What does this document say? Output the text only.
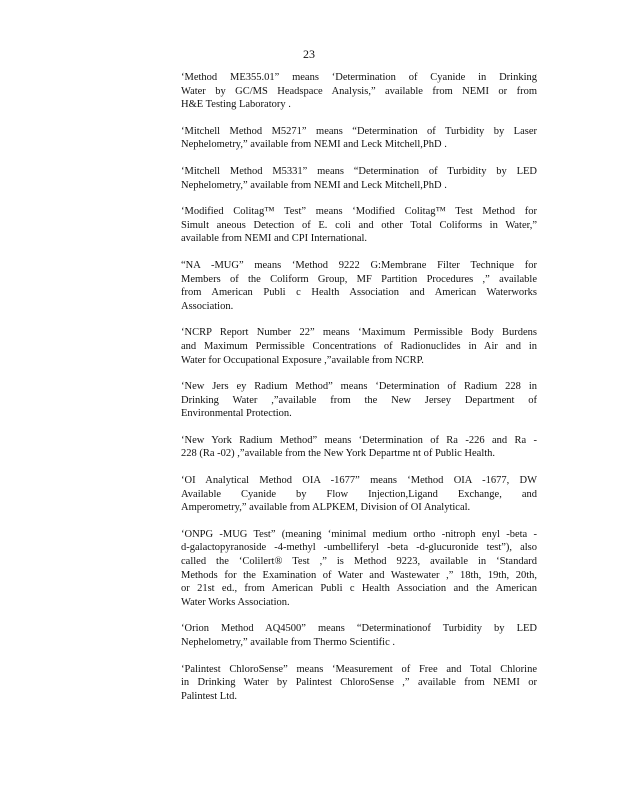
23
‘Method ME355.01” means ‘Determination of Cyanide in Drinking
Water by GC/MS Headspace Analysis,” available from NEMI or from
H&E Testing Laboratory .
‘Mitchell Method M5271” means “Determination of Turbidity by Laser
Nephelometry,” available from NEMI and Leck Mitchell,PhD .
‘Mitchell Method M5331” means “Determination of Turbidity by LED
Nephelometry,” available from NEMI and Leck Mitchell,PhD .
‘Modified Colitag™ Test” means ‘Modified Colitag™ Test Method for
Simult aneous Detection of E. coli and other Total Coliforms in Water,”
available from NEMI and CPI International.
“NA -MUG” means ‘Method 9222 G:Membrane Filter Technique for
Members of the Coliform Group, MF Partition Procedures ,” available
from American Publi c Health Association and American Waterworks
Association.
‘NCRP Report Number 22” means ‘Maximum Permissible Body Burdens
and Maximum Permissible Concentrations of Radionuclides in Air and in
Water for Occupational Exposure ,”available from NCRP.
‘New Jers ey Radium Method” means ‘Determination of Radium 228 in
Drinking Water ,”available from the New Jersey Department of
Environmental Protection.
‘New York Radium Method” means ‘Determination of Ra -226 and Ra -
228 (Ra -02) ,”available from the New York Departme nt of Public Health.
‘OI Analytical Method OIA -1677” means ‘Method OIA -1677, DW
Available Cyanide by Flow Injection,Ligand Exchange, and
Amperometry,” available from ALPKEM, Division of OI Analytical.
‘ONPG -MUG Test” (meaning ‘minimal medium ortho -nitroph enyl -beta -
d-galactopyranoside -4-methyl -umbelliferyl -beta -d-glucuronide test”), also
called the ‘Colilert® Test ,” is Method 9223, available in ‘Standard
Methods for the Examination of Water and Wastewater ,” 18th, 19th, 20th,
or 21st ed., from American Publi c Health Association and the American
Water Works Association.
‘Orion Method AQ4500” means “Determinationof Turbidity by LED
Nephelometry,” available from Thermo Scientific .
‘Palintest ChloroSense” means ‘Measurement of Free and Total Chlorine
in Drinking Water by Palintest ChloroSense ,” available from NEMI or
Palintest Ltd.
